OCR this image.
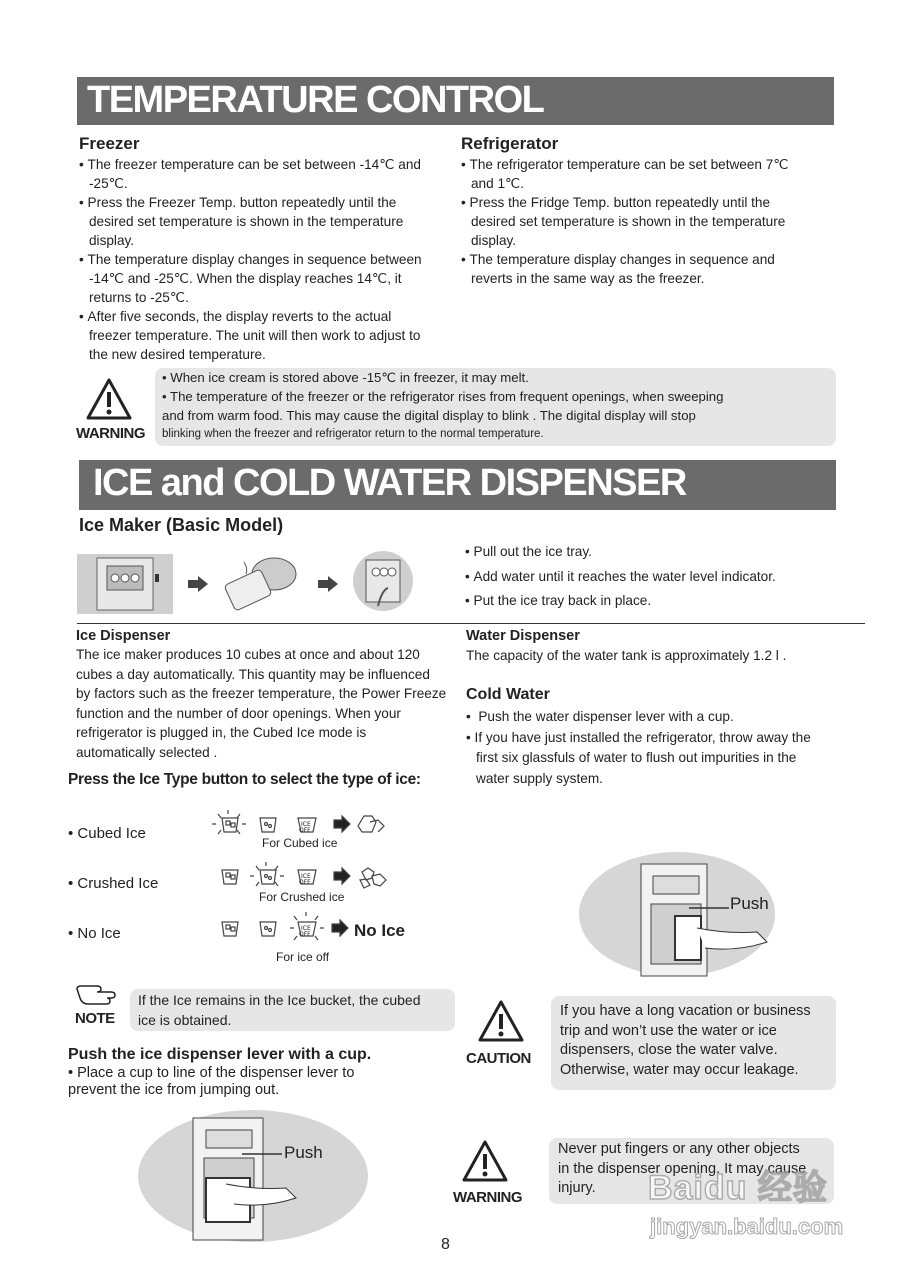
TEMPERATURE CONTROL
Freezer
• The freezer temperature can be set between -14℃ and -25℃.
• Press the Freezer Temp. button repeatedly until the desired set temperature is shown in the temperature display.
• The temperature display changes in sequence between -14℃ and -25℃. When the display reaches 14℃, it returns to -25℃.
• After five seconds, the display reverts to the actual freezer temperature. The unit will then work to adjust to the new desired temperature.
Refrigerator
• The refrigerator temperature can be set between 7℃ and 1℃.
• Press the Fridge Temp. button repeatedly until the desired set temperature is shown in the temperature display.
• The temperature display changes in sequence and reverts in the same way as the freezer.
WARNING
• When ice cream is stored above -15℃ in freezer, it may melt.
• The temperature of the freezer or the refrigerator rises from frequent openings, when sweeping
and from warm food. This may cause the digital display to blink . The digital display will stop
blinking when the freezer and refrigerator return to the normal temperature.
ICE and COLD WATER DISPENSER
Ice Maker (Basic Model)
• Pull out the ice tray.
• Add water until it reaches the water level indicator.
• Put the ice tray back in place.
Ice Dispenser

The ice maker produces 10 cubes at once and about 120 cubes a day automatically. This quantity may be influenced by factors such as the freezer temperature, the Power Freeze function and the number of door openings. When your refrigerator is plugged in, the Cubed Ice mode is automatically selected .

Press the Ice Type button to select the type of ice:
• Cubed Ice
• Crushed Ice
• No Ice
ICE
OFF
For Cubed ice
ICE
OFF
For Crushed ice
ICE
OFF	No Ice
For ice off
NOTE
If the Ice remains in the Ice bucket, the cubed ice is obtained.
Push the ice dispenser lever with a cup.
• Place a cup to line of the dispenser lever to prevent the ice from jumping out.
Push
Water Dispenser

The capacity of the water tank is approximately 1.2 l .

Cold Water
•  Push the water dispenser lever with a cup.
• If you have just installed the refrigerator, throw away the first six glassfuls of water to flush out impurities in the water supply system.
Push
CAUTION
If you have a long vacation or business trip and won’t use the water or ice dispensers, close the water valve. Otherwise, water may occur leakage.
WARNING
Never put fingers or any other objects in the dispenser opening. It may cause injury.	Baidu 经验
jingyan.baidu.com
8
